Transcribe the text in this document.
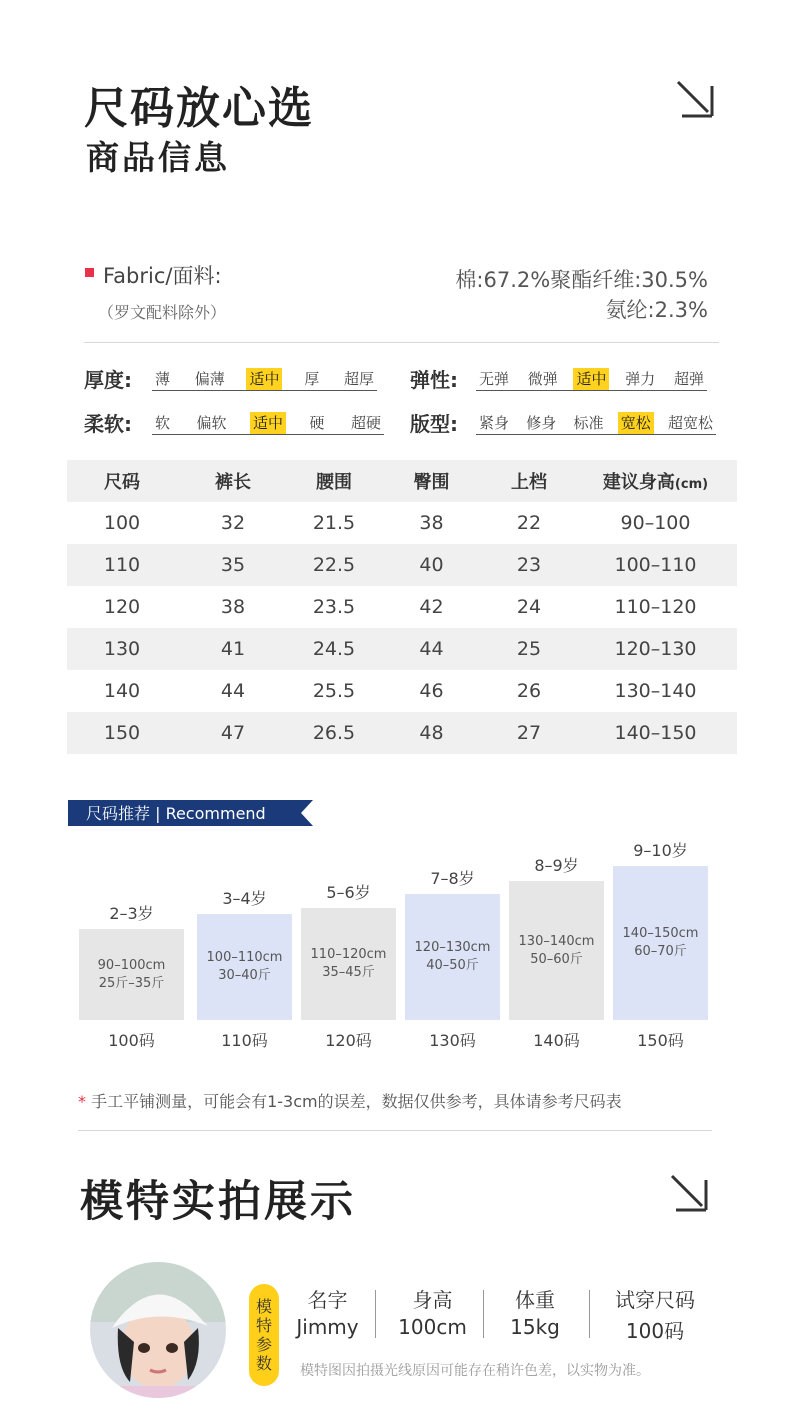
尺码放心选
商品信息
Fabric/面料:
（罗文配料除外）
棉:67.2%聚酯纤维:30.5%
氨纶:2.3%
厚度: 薄 偏薄 适中 厚 超厚 弹性: 无弹 微弹 适中 弹力 超弹
柔软: 软 偏软 适中 硬 超硬 版型: 紧身 修身 标准 宽松 超宽松
尺码	裤长	腰围	臀围	上档	建议身高(cm)
100	32	21.5	38	22	90–100
110	35	22.5	40	23	100–110
120	38	23.5	42	24	110–120
130	41	24.5	44	25	120–130
140	44	25.5	46	26	130–140
150	47	26.5	48	27	140–150
尺码推荐 | Recommend
90–100cm
25斤–35斤
2–3岁
100码
100–110cm
30–40斤
3–4岁
110码
110–120cm
35–45斤
5–6岁
120码
120–130cm
40–50斤
7–8岁
130码
130–140cm
50–60斤
8–9岁
140码
140–150cm
60–70斤
9–10岁
150码
* 手工平铺测量，可能会有1-3cm的误差，数据仅供参考，具体请参考尺码表
模特实拍展示
模
特
参
数
名字
Jimmy
身高
100cm
体重
15kg
试穿尺码
100码
模特图因拍摄光线原因可能存在稍许色差，以实物为准。
